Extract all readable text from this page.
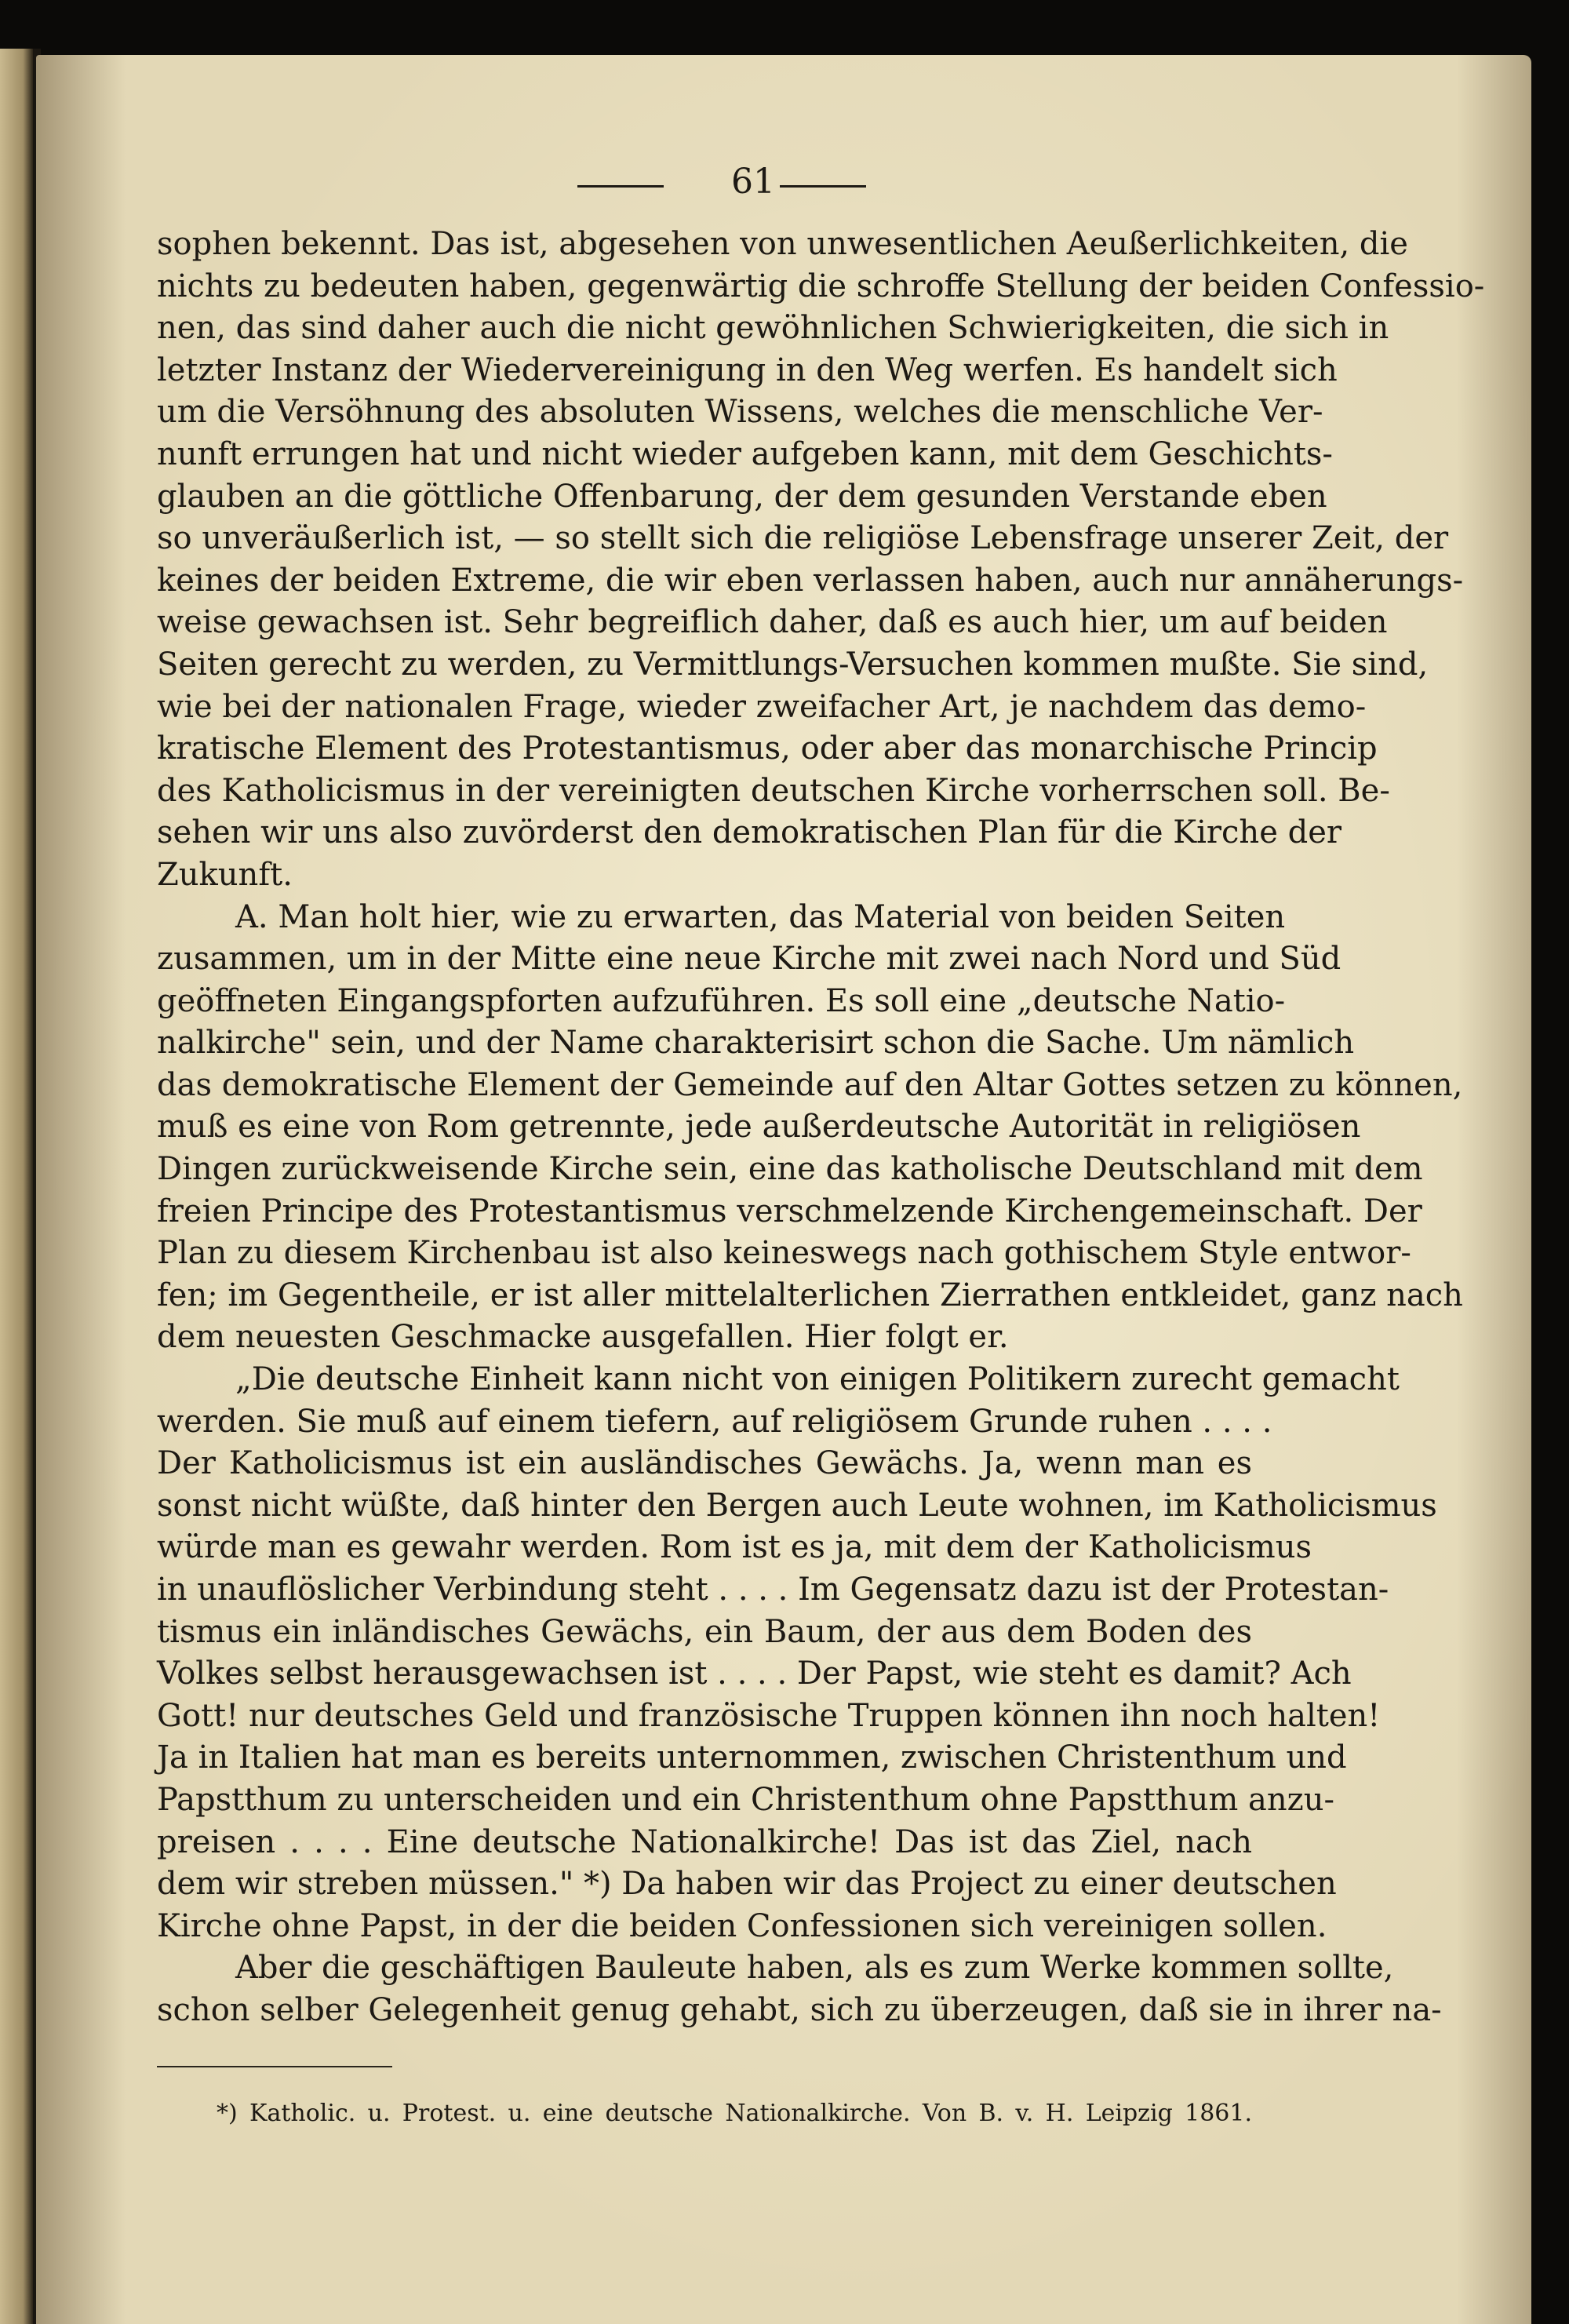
61
sophen bekennt. Das ist, abgesehen von unwesentlichen Aeußerlichkeiten, die
nichts zu bedeuten haben, gegenwärtig die schroffe Stellung der beiden Confessio-
nen, das sind daher auch die nicht gewöhnlichen Schwierigkeiten, die sich in
letzter Instanz der Wiedervereinigung in den Weg werfen. Es handelt sich
um die Versöhnung des absoluten Wissens, welches die menschliche Ver-
nunft errungen hat und nicht wieder aufgeben kann, mit dem Geschichts-
glauben an die göttliche Offenbarung, der dem gesunden Verstande eben
so unveräußerlich ist, — so stellt sich die religiöse Lebensfrage unserer Zeit, der
keines der beiden Extreme, die wir eben verlassen haben, auch nur annäherungs-
weise gewachsen ist. Sehr begreiflich daher, daß es auch hier, um auf beiden
Seiten gerecht zu werden, zu Vermittlungs-Versuchen kommen mußte. Sie sind,
wie bei der nationalen Frage, wieder zweifacher Art, je nachdem das demo-
kratische Element des Protestantismus, oder aber das monarchische Princip
des Katholicismus in der vereinigten deutschen Kirche vorherrschen soll. Be-
sehen wir uns also zuvörderst den demokratischen Plan für die Kirche der
Zukunft.
A. Man holt hier, wie zu erwarten, das Material von beiden Seiten
zusammen, um in der Mitte eine neue Kirche mit zwei nach Nord und Süd
geöffneten Eingangspforten aufzuführen. Es soll eine „deutsche Natio-
nalkirche" sein, und der Name charakterisirt schon die Sache. Um nämlich
das demokratische Element der Gemeinde auf den Altar Gottes setzen zu können,
muß es eine von Rom getrennte, jede außerdeutsche Autorität in religiösen
Dingen zurückweisende Kirche sein, eine das katholische Deutschland mit dem
freien Principe des Protestantismus verschmelzende Kirchengemeinschaft. Der
Plan zu diesem Kirchenbau ist also keineswegs nach gothischem Style entwor-
fen; im Gegentheile, er ist aller mittelalterlichen Zierrathen entkleidet, ganz nach
dem neuesten Geschmacke ausgefallen. Hier folgt er.
„Die deutsche Einheit kann nicht von einigen Politikern zurecht gemacht
werden. Sie muß auf einem tiefern, auf religiösem Grunde ruhen . . . .
Der Katholicismus ist ein ausländisches Gewächs. Ja, wenn man es
sonst nicht wüßte, daß hinter den Bergen auch Leute wohnen, im Katholicismus
würde man es gewahr werden. Rom ist es ja, mit dem der Katholicismus
in unauflöslicher Verbindung steht . . . . Im Gegensatz dazu ist der Protestan-
tismus ein inländisches Gewächs, ein Baum, der aus dem Boden des
Volkes selbst herausgewachsen ist . . . . Der Papst, wie steht es damit? Ach
Gott! nur deutsches Geld und französische Truppen können ihn noch halten!
Ja in Italien hat man es bereits unternommen, zwischen Christenthum und
Papstthum zu unterscheiden und ein Christenthum ohne Papstthum anzu-
preisen . . . . Eine deutsche Nationalkirche! Das ist das Ziel, nach
dem wir streben müssen." *) Da haben wir das Project zu einer deutschen
Kirche ohne Papst, in der die beiden Confessionen sich vereinigen sollen.
Aber die geschäftigen Bauleute haben, als es zum Werke kommen sollte,
schon selber Gelegenheit genug gehabt, sich zu überzeugen, daß sie in ihrer na-
*) Katholic. u. Protest. u. eine deutsche Nationalkirche. Von B. v. H. Leipzig 1861.
